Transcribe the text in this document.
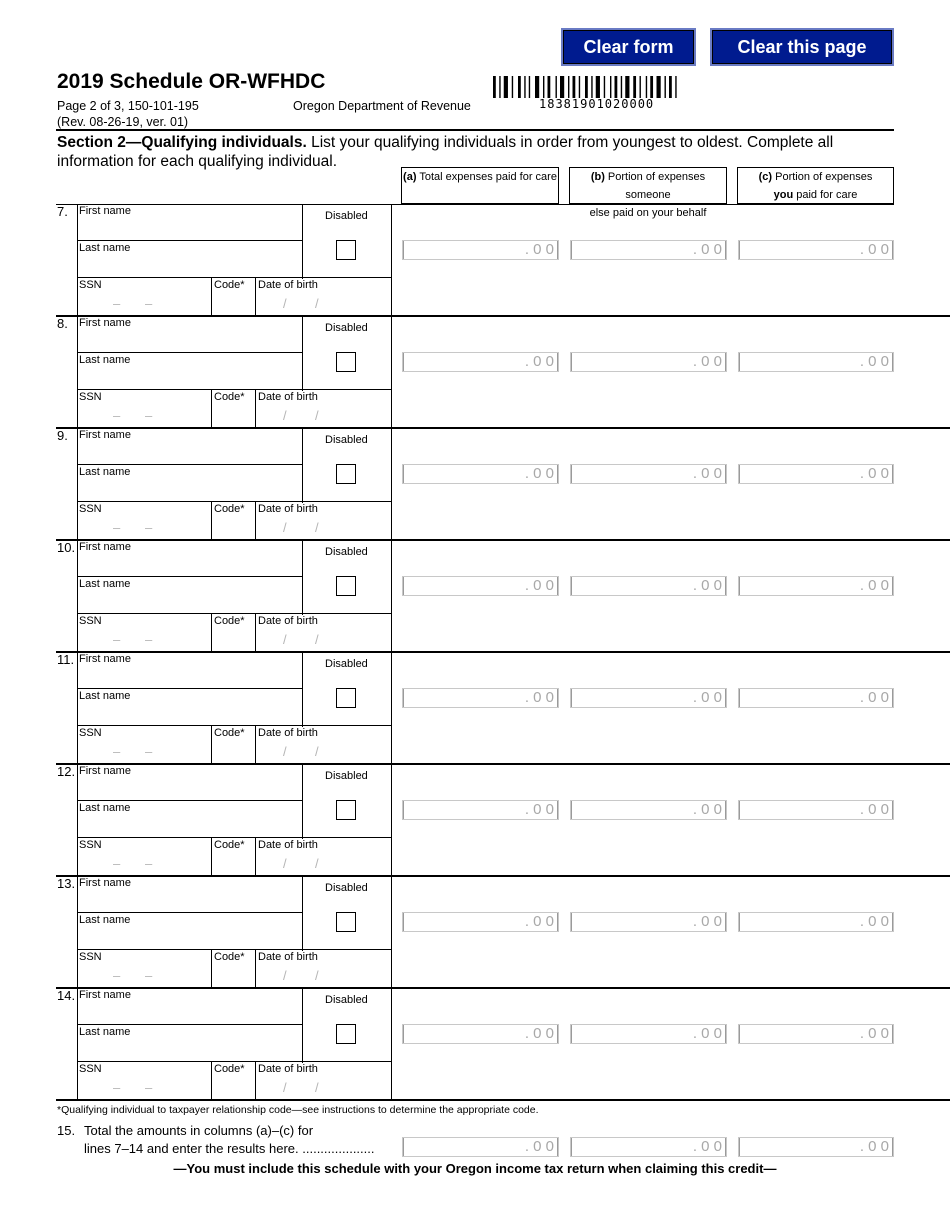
Clear form	Clear this page
2019 Schedule OR-WFHDC
Page 2 of 3, 150-101-195
(Rev. 08-26-19, ver. 01)
Oregon Department of Revenue	18381901020000
Section 2—Qualifying individuals. List your qualifying individuals in order from youngest to oldest. Complete all information for each qualifying individual.
(a) Total expenses paid for care	(b) Portion of expenses someone
else paid on your behalf
(c) Portion of expenses
you paid for care
7. First name
Last name
SSN	Code* Date of birth
Disabled
– –	/ /
. 0 0	. 0 0	. 0 0
8. First name
Last name
SSN	Code* Date of birth
Disabled
– –	/ /
. 0 0	. 0 0	. 0 0
9. First name
Last name
SSN	Code* Date of birth
Disabled
– –	/ /
. 0 0	. 0 0	. 0 0
10. First name
Last name
SSN	Code* Date of birth
Disabled
– –	/ /
. 0 0	. 0 0	. 0 0
11. First name
Last name
SSN	Code* Date of birth
Disabled
– –	/ /
. 0 0	. 0 0	. 0 0
12. First name
Last name
SSN	Code* Date of birth
Disabled
– –	/ /
. 0 0	. 0 0	. 0 0
13. First name
Last name
SSN	Code* Date of birth
Disabled
– –	/ /
. 0 0	. 0 0	. 0 0
14. First name
Last name
SSN	Code* Date of birth
Disabled
– –	/ /
. 0 0	. 0 0	. 0 0
*Qualifying individual to taxpayer relationship code—see instructions to determine the appropriate code.
15. Total the amounts in columns (a)–(c) for
lines 7–14 and enter the results here. ....................	. 0 0	. 0 0	. 0 0
—You must include this schedule with your Oregon income tax return when claiming this credit—
